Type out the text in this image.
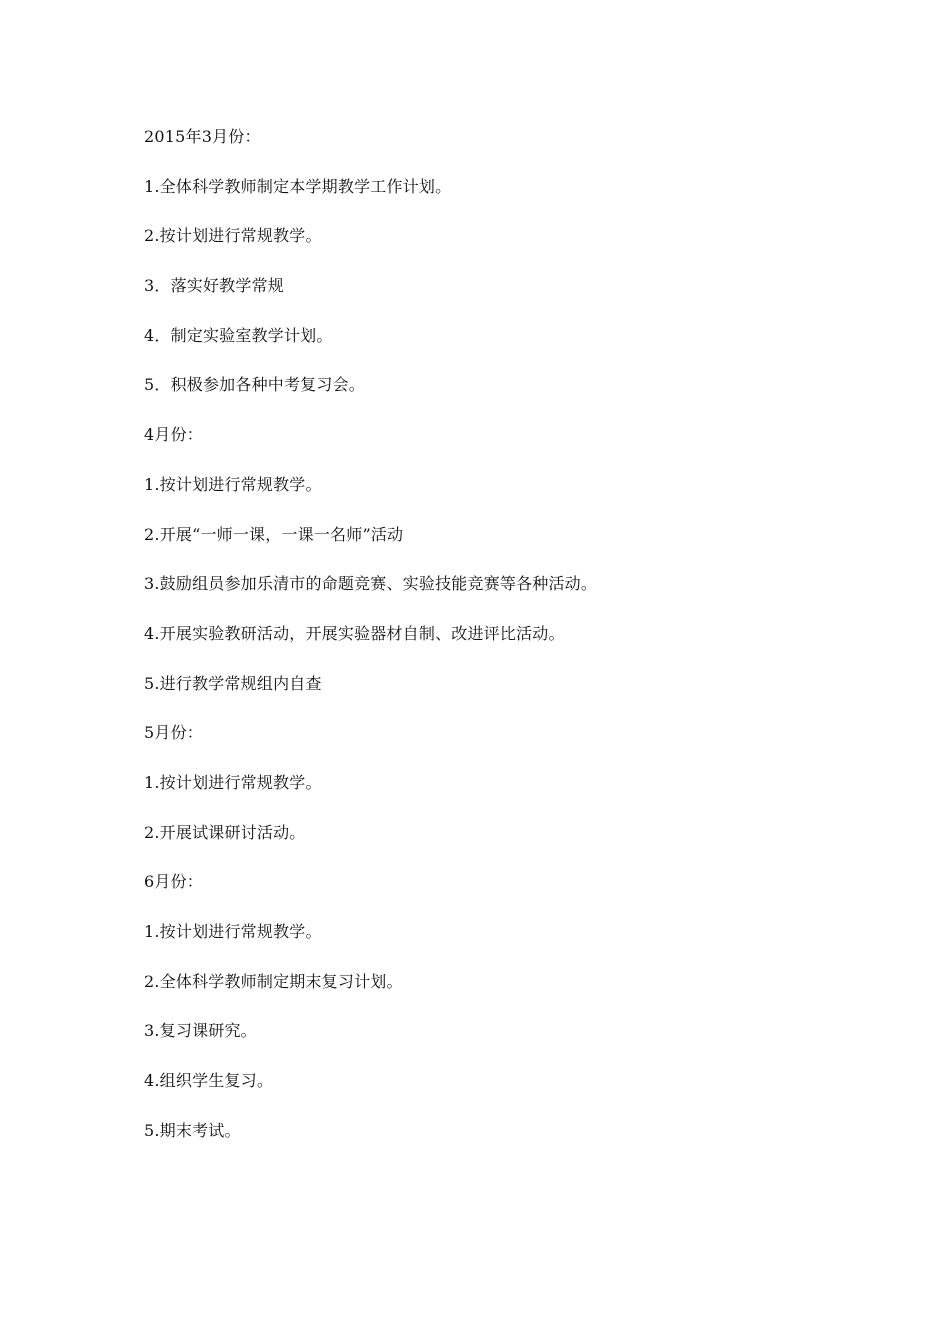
2015年3月份：
1.全体科学教师制定本学期教学工作计划。
2.按计划进行常规教学。
3．落实好教学常规
4．制定实验室教学计划。
5．积极参加各种中考复习会。
4月份：
1.按计划进行常规教学。
2.开展“一师一课，一课一名师”活动
3.鼓励组员参加乐清市的命题竞赛、实验技能竞赛等各种活动。
4.开展实验教研活动，开展实验器材自制、改进评比活动。
5.进行教学常规组内自查
5月份：
1.按计划进行常规教学。
2.开展试课研讨活动。
6月份：
1.按计划进行常规教学。
2.全体科学教师制定期末复习计划。
3.复习课研究。
4.组织学生复习。
5.期末考试。
